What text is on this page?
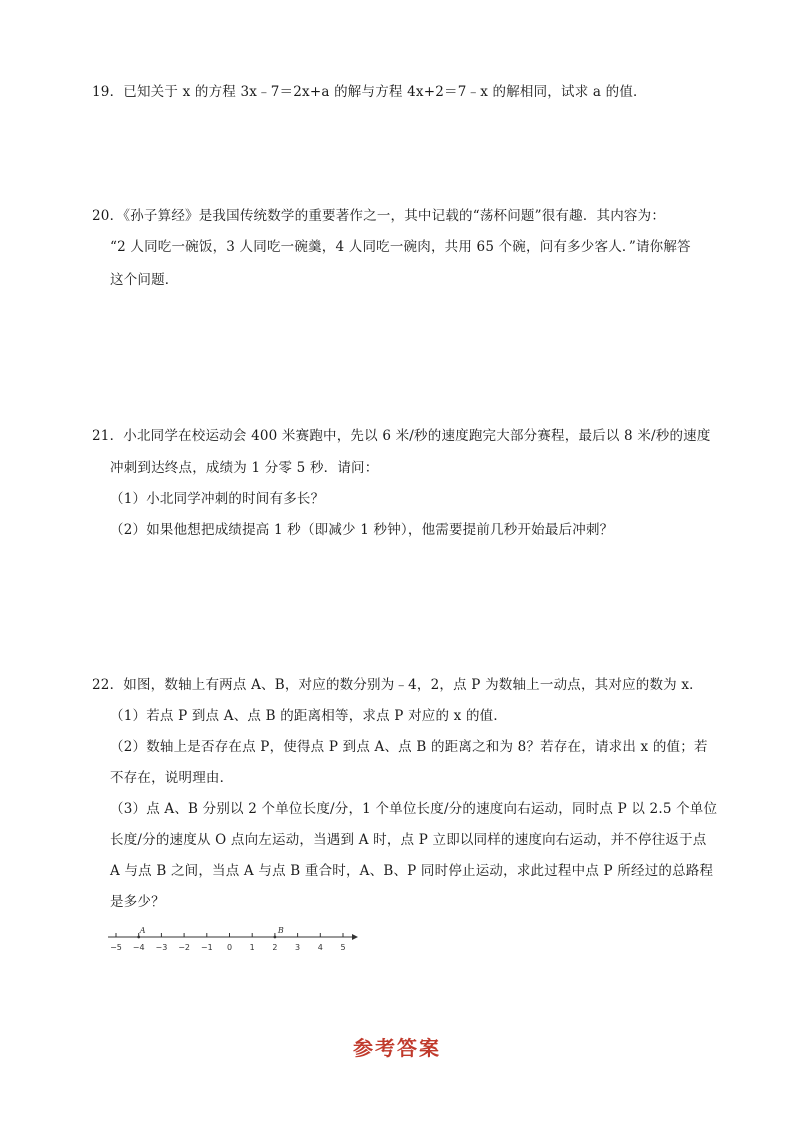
19．已知关于 x 的方程 3x﹣7＝2x+a 的解与方程 4x+2＝7﹣x 的解相同，试求 a 的值．
20．《孙子算经》是我国传统数学的重要著作之一，其中记载的“荡杯问题”很有趣．其内容为：
“2 人同吃一碗饭，3 人同吃一碗羹，4 人同吃一碗肉，共用 65 个碗，问有多少客人．”请你解答
这个问题．
21．小北同学在校运动会 400 米赛跑中，先以 6 米/秒的速度跑完大部分赛程，最后以 8 米/秒的速度
冲刺到达终点，成绩为 1 分零 5 秒．请问：
（1）小北同学冲刺的时间有多长？
（2）如果他想把成绩提高 1 秒（即减少 1 秒钟），他需要提前几秒开始最后冲刺？
22．如图，数轴上有两点 A、B，对应的数分别为﹣4，2，点 P 为数轴上一动点，其对应的数为 x．
（1）若点 P 到点 A、点 B 的距离相等，求点 P 对应的 x 的值．
（2）数轴上是否存在点 P，使得点 P 到点 A、点 B 的距离之和为 8？若存在，请求出 x 的值；若
不存在，说明理由．
（3）点 A、B 分别以 2 个单位长度/分，1 个单位长度/分的速度向右运动，同时点 P 以 2.5 个单位
长度/分的速度从 O 点向左运动，当遇到 A 时，点 P 立即以同样的速度向右运动，并不停往返于点
A 与点 B 之间，当点 A 与点 B 重合时，A、B、P 同时停止运动，求此过程中点 P 所经过的总路程
是多少？
−5 −4 −3 −2 −1 0 1 2 3 4 5
A	B
参考答案
